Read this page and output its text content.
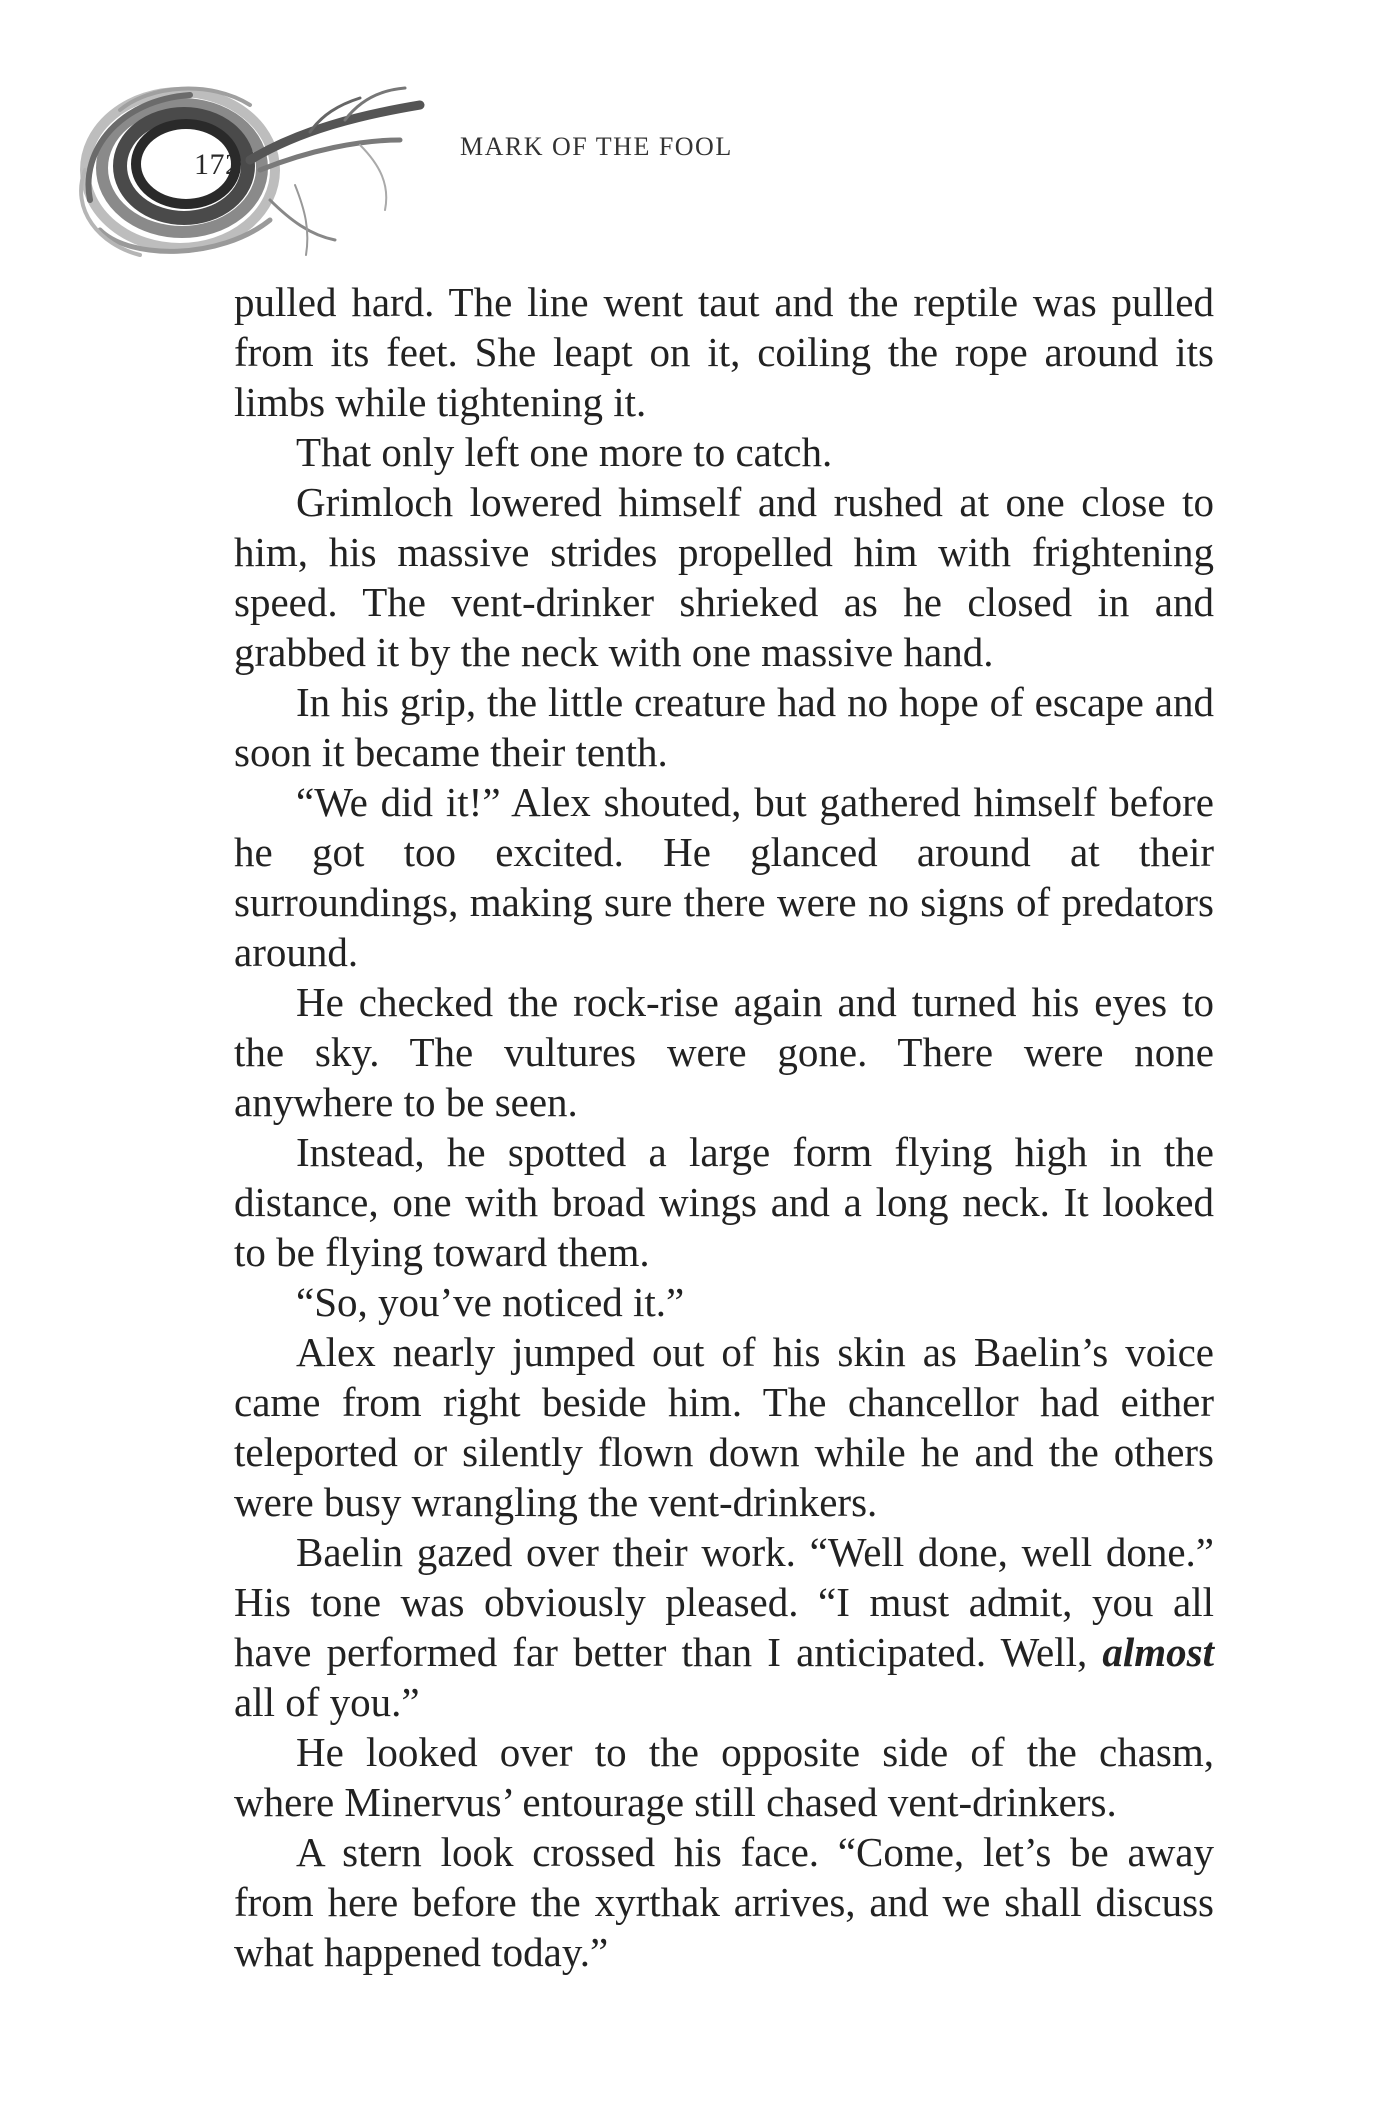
172
MARK OF THE FOOL

pulled hard. The line went taut and the reptile was pulled from its feet. She leapt on it, coiling the rope around its limbs while tightening it.

That only left one more to catch.

Grimloch lowered himself and rushed at one close to him, his massive strides propelled him with frightening speed. The vent-drinker shrieked as he closed in and grabbed it by the neck with one massive hand.

In his grip, the little creature had no hope of escape and soon it became their tenth.

“We did it!” Alex shouted, but gathered himself before he got too excited. He glanced around at their surroundings, making sure there were no signs of predators around.

He checked the rock-rise again and turned his eyes to the sky. The vultures were gone. There were none anywhere to be seen.

Instead, he spotted a large form flying high in the distance, one with broad wings and a long neck. It looked to be flying toward them.

“So, you’ve noticed it.”

Alex nearly jumped out of his skin as Baelin’s voice came from right beside him. The chancellor had either teleported or silently flown down while he and the others were busy wrangling the vent-drinkers.

Baelin gazed over their work. “Well done, well done.” His tone was obviously pleased. “I must admit, you all have performed far better than I anticipated. Well, almost all of you.”

He looked over to the opposite side of the chasm, where Minervus’ entourage still chased vent-drinkers.

A stern look crossed his face. “Come, let’s be away from here before the xyrthak arrives, and we shall discuss what happened today.”
